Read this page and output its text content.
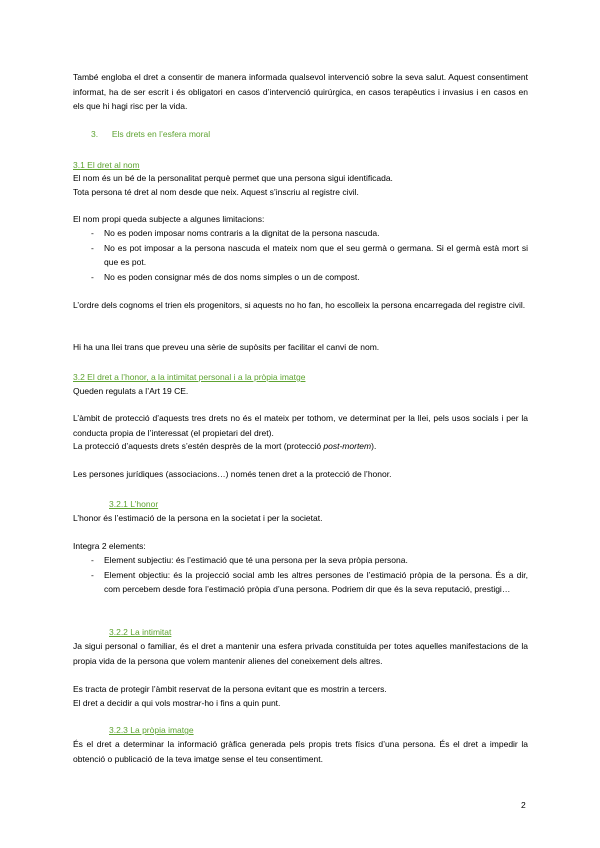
També engloba el dret a consentir de manera informada qualsevol intervenció sobre la seva salut. Aquest consentiment informat, ha de ser escrit i és obligatori en casos d’intervenció quirúrgica, en casos terapèutics i invasius i en casos en els que hi hagi risc per la vida.

3. Els drets en l’esfera moral
3.1 El dret al nom
El nom és un bé de la personalitat perquè permet que una persona sigui identificada.
Tota persona té dret al nom desde que neix. Aquest s’inscriu al registre civil.
El nom propi queda subjecte a algunes limitacions:
- No es poden imposar noms contraris a la dignitat de la persona nascuda.
- No es pot imposar a la persona nascuda el mateix nom que el seu germà o germana. Si el germà està mort si que es pot.
- No es poden consignar més de dos noms simples o un de compost.

L’ordre dels cognoms el trien els progenitors, si aquests no ho fan, ho escolleix la persona encarregada del registre civil.

Hi ha una llei trans que preveu una sèrie de supòsits per facilitar el canvi de nom.
3.2 El dret a l’honor, a la intimitat personal i a la pròpia imatge
Queden regulats a l’Art 19 CE.

L’àmbit de protecció d’aquests tres drets no és el mateix per tothom, ve determinat per la llei, pels usos socials i per la conducta propia de l’interessat (el propietari del dret).

La protecció d’aquests drets s’estén desprès de la mort (protecció post-mortem).
Les persones jurídiques (associacions…) només tenen dret a la protecció de l’honor.
3.2.1 L’honor
L’honor és l’estimació de la persona en la societat i per la societat.
Integra 2 elements:
- Element subjectiu: és l’estimació que té una persona per la seva pròpia persona.
- Element objectiu: és la projecció social amb les altres persones de l’estimació pròpia de la persona. És a dir, com percebem desde fora l’estimació pròpia d’una persona. Podriem dir que és la seva reputació, prestigi…
3.2.2 La intimitat

Ja sigui personal o familiar, és el dret a mantenir una esfera privada constituida per totes aquelles manifestacions de la propia vida de la persona que volem mantenir alienes del coneixement dels altres.

Es tracta de protegir l’àmbit reservat de la persona evitant que es mostrin a tercers.
El dret a decidir a qui vols mostrar-ho i fins a quin punt.
3.2.3 La pròpia imatge

És el dret a determinar la informació gràfica generada pels propis trets físics d’una persona. És el dret a impedir la obtenció o publicació de la teva imatge sense el teu consentiment.

2
